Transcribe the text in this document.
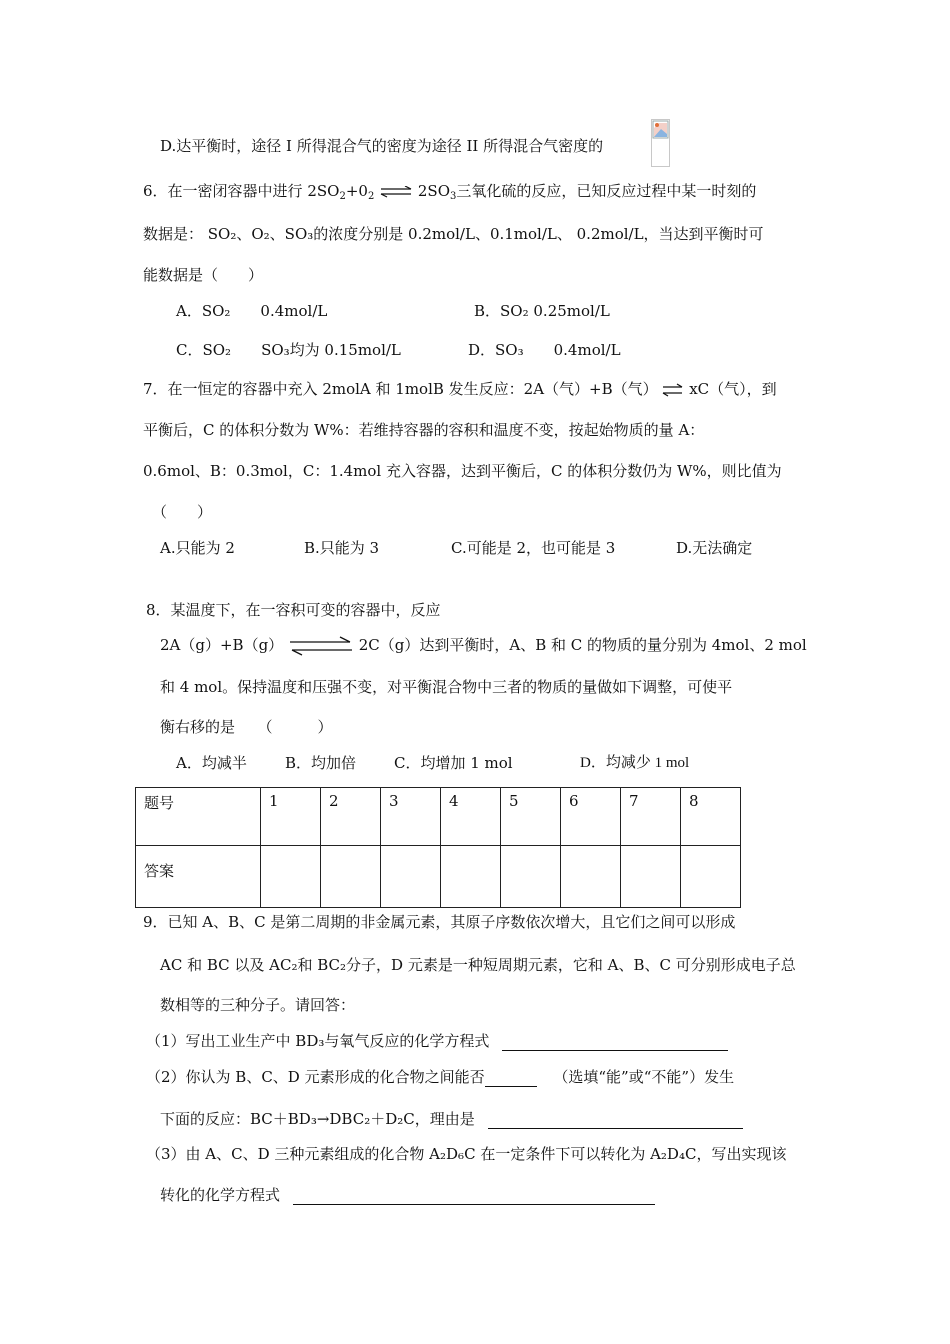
D.达平衡时，途径 I 所得混合气的密度为途径 II 所得混合气密度的
6．在一密闭容器中进行 $2SO_2+0_2$ ⇌ $2SO_3$三氧化硫的反应，已知反应过程中某一时刻的
数据是： SO₂、O₂、SO₃的浓度分别是 0.2mol/L、0.1mol/L、 0.2mol/L，当达到平衡时可
能数据是（　　）
A．SO₂　　0.4mol/L	B．SO₂ 0.25mol/L
C．SO₂　　SO₃均为 0.15mol/L	D．SO₃　　0.4mol/L
7．在一恒定的容器中充入 2molA 和 1molB 发生反应：2A（气）+B（气） ⇌ xC（气），到
平衡后，C 的体积分数为 W%：若维持容器的容积和温度不变，按起始物质的量 A：
0.6mol、B：0.3mol，C：1.4mol 充入容器，达到平衡后，C 的体积分数仍为 W%，则比值为
（　　）
A.只能为 2	B.只能为 3	C.可能是 2，也可能是 3	D.无法确定
8．某温度下，在一容积可变的容器中，反应
2A（g）+B（g）	2C（g）达到平衡时，A、B 和 C 的物质的量分别为 4mol、2 mol
和 4 mol。保持温度和压强不变，对平衡混合物中三者的物质的量做如下调整，可使平
衡右移的是　　（　　　）
A．均减半	B．均加倍	C．均增加 1 mol	D．均减少 1 mol
题号	1	2	3	4	5	6	7	8
答案								
9．已知 A、B、C 是第二周期的非金属元素，其原子序数依次增大，且它们之间可以形成
AC 和 BC 以及 AC₂和 BC₂分子，D 元素是一种短周期元素，它和 A、B、C 可分别形成电子总
数相等的三种分子。请回答：
（1）写出工业生产中 BD₃与氧气反应的化学方程式
（2）你认为 B、C、D 元素形成的化合物之间能否	（选填“能”或“不能”）发生
下面的反应：BC＋BD₃→DBC₂＋D₂C，理由是
（3）由 A、C、D 三种元素组成的化合物 A₂D₆C 在一定条件下可以转化为 A₂D₄C，写出实现该
转化的化学方程式
